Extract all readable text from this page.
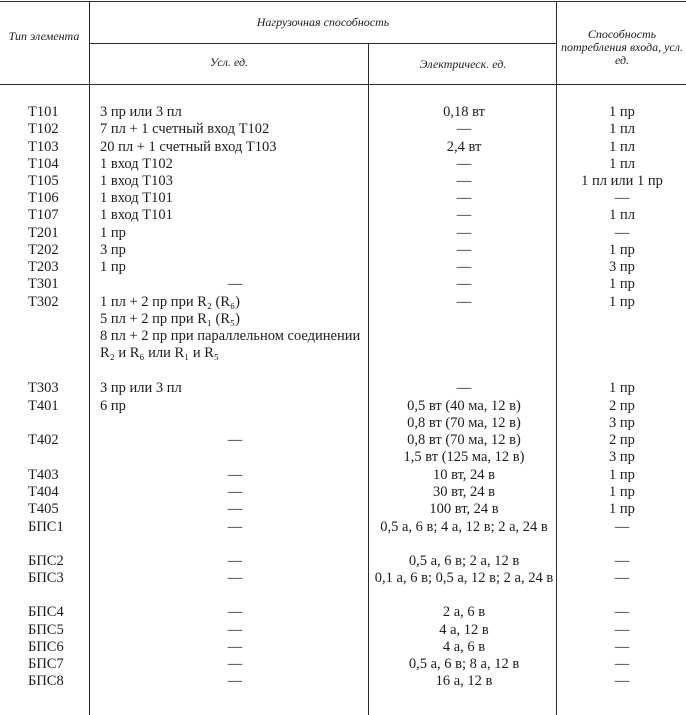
Тип элемента
Нагрузочная способность
Усл. ед.	Электрическ. ед.
Способность потребления входа, усл. ед.
Т101	3 пр или 3 пл	0,18 вт	1 пр
Т102	7 пл + 1 счетный вход Т102	—	1 пл
Т103	20 пл + 1 счетный вход Т103	2,4 вт	1 пл
Т104	1 вход Т102	—	1 пл
Т105	1 вход Т103	—	1 пл или 1 пр
Т106	1 вход Т101	—	—
Т107	1 вход Т101	—	1 пл
Т201	1 пр	—	—
Т202	3 пр	—	1 пр
Т203	1 пр	—	3 пр
Т301	—	—	1 пр
Т302	1 пл + 2 пр при R₂ (R₆)	—	1 пр
5 пл + 2 пр при R₁ (R₅)
8 пл + 2 пр при параллельном соединении R₂ и R₆ или R₁ и R₅
Т303	3 пр или 3 пл	—	1 пр
Т401	6 пр	0,5 вт (40 ма, 12 в)	2 пр
0,8 вт (70 ма, 12 в)	3 пр
Т402	—	0,8 вт (70 ма, 12 в)	2 пр
1,5 вт (125 ма, 12 в)	3 пр
Т403	—	10 вт, 24 в	1 пр
Т404	—	30 вт, 24 в	1 пр
Т405	—	100 вт, 24 в	1 пр
БПС1	—	0,5 а, 6 в; 4 а, 12 в; 2 а, 24 в	—
БПС2	—	0,5 а, 6 в; 2 а, 12 в	—
БПС3	—	0,1 а, 6 в; 0,5 а, 12 в; 2 а, 24 в	—
БПС4	—	2 а, 6 в	—
БПС5	—	4 а, 12 в	—
БПС6	—	4 а, 6 в	—
БПС7	—	0,5 а, 6 в; 8 а, 12 в	—
БПС8	—	16 а, 12 в	—
